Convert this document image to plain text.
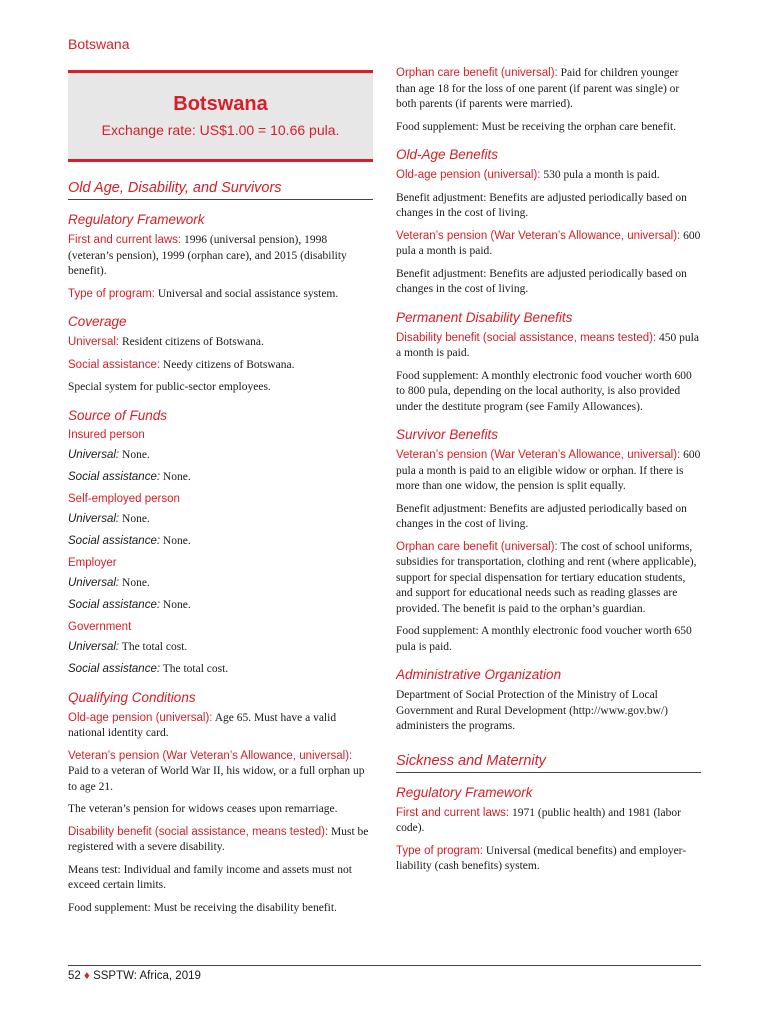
Botswana
Botswana
Exchange rate: US$1.00 = 10.66 pula.
Old Age, Disability, and Survivors
Regulatory Framework

First and current laws: 1996 (universal pension), 1998 (veteran’s pension), 1999 (orphan care), and 2015 (disability benefit).

Type of program: Universal and social assistance system.

Coverage

Universal: Resident citizens of Botswana.

Social assistance: Needy citizens of Botswana.

Special system for public-sector employees.

Source of Funds
Insured person

Universal: None.

Social assistance: None.

Self-employed person

Universal: None.

Social assistance: None.

Employer

Universal: None.

Social assistance: None.

Government

Universal: The total cost.

Social assistance: The total cost.

Qualifying Conditions

Old-age pension (universal): Age 65. Must have a valid national identity card.

Veteran’s pension (War Veteran’s Allowance, universal): Paid to a veteran of World War II, his widow, or a full orphan up to age 21.

The veteran’s pension for widows ceases upon remarriage.

Disability benefit (social assistance, means tested): Must be registered with a severe disability.

Means test: Individual and family income and assets must not exceed certain limits.

Food supplement: Must be receiving the disability benefit.

Orphan care benefit (universal): Paid for children younger than age 18 for the loss of one parent (if parent was single) or both parents (if parents were married).

Food supplement: Must be receiving the orphan care benefit.

Old-Age Benefits

Old-age pension (universal): 530 pula a month is paid.

Benefit adjustment: Benefits are adjusted periodically based on changes in the cost of living.

Veteran’s pension (War Veteran’s Allowance, universal): 600 pula a month is paid.

Benefit adjustment: Benefits are adjusted periodically based on changes in the cost of living.

Permanent Disability Benefits

Disability benefit (social assistance, means tested): 450 pula a month is paid.

Food supplement: A monthly electronic food voucher worth 600 to 800 pula, depending on the local authority, is also provided under the destitute program (see Family Allowances).

Survivor Benefits

Veteran’s pension (War Veteran’s Allowance, universal): 600 pula a month is paid to an eligible widow or orphan. If there is more than one widow, the pension is split equally.

Benefit adjustment: Benefits are adjusted periodically based on changes in the cost of living.

Orphan care benefit (universal): The cost of school uniforms, subsidies for transportation, clothing and rent (where applicable), support for special dispensation for tertiary education students, and support for educational needs such as reading glasses are provided. The benefit is paid to the orphan’s guardian.

Food supplement: A monthly electronic food voucher worth 650 pula is paid.

Administrative Organization

Department of Social Protection of the Ministry of Local Government and Rural Development (http://www.gov.bw/) administers the programs.

Sickness and Maternity
Regulatory Framework

First and current laws: 1971 (public health) and 1981 (labor code).

Type of program: Universal (medical benefits) and employer-liability (cash benefits) system.

52 ♦ SSPTW: Africa, 2019
